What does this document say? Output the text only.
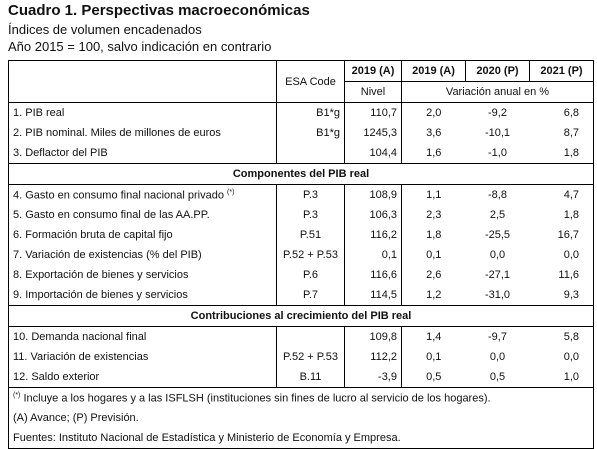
Cuadro 1. Perspectivas macroeconómicas
Índices de volumen encadenados
Año 2015 = 100, salvo indicación en contrario
	ESA Code	2019 (A)	2019 (A)	2020 (P)	2021 (P)
		Nivel	Variación anual en %		
1. PIB real	B1*g	110,7	2,0	-9,2	6,8
2. PIB nominal. Miles de millones de euros	B1*g	1245,3	3,6	-10,1	8,7
3. Deflactor del PIB		104,4	1,6	-1,0	1,8
Componentes del PIB real					
4. Gasto en consumo final nacional privado (*)	P.3	108,9	1,1	-8,8	4,7
5. Gasto en consumo final de las AA.PP.	P.3	106,3	2,3	2,5	1,8
6. Formación bruta de capital fijo	P.51	116,2	1,8	-25,5	16,7
7. Variación de existencias (% del PIB)	P.52 + P.53	0,1	0,1	0,0	0,0
8. Exportación de bienes y servicios	P.6	116,6	2,6	-27,1	11,6
9. Importación de bienes y servicios	P.7	114,5	1,2	-31,0	9,3
Contribuciones al crecimiento del PIB real					
10. Demanda nacional final		109,8	1,4	-9,7	5,8
11. Variación de existencias	P.52 + P.53	112,2	0,1	0,0	0,0
12. Saldo exterior	B.11	-3,9	0,5	0,5	1,0
(*) Incluye a los hogares y a las ISFLSH (instituciones sin fines de lucro al servicio de los hogares).					
(A) Avance; (P) Previsión.					
Fuentes: Instituto Nacional de Estadística y Ministerio de Economía y Empresa.					
